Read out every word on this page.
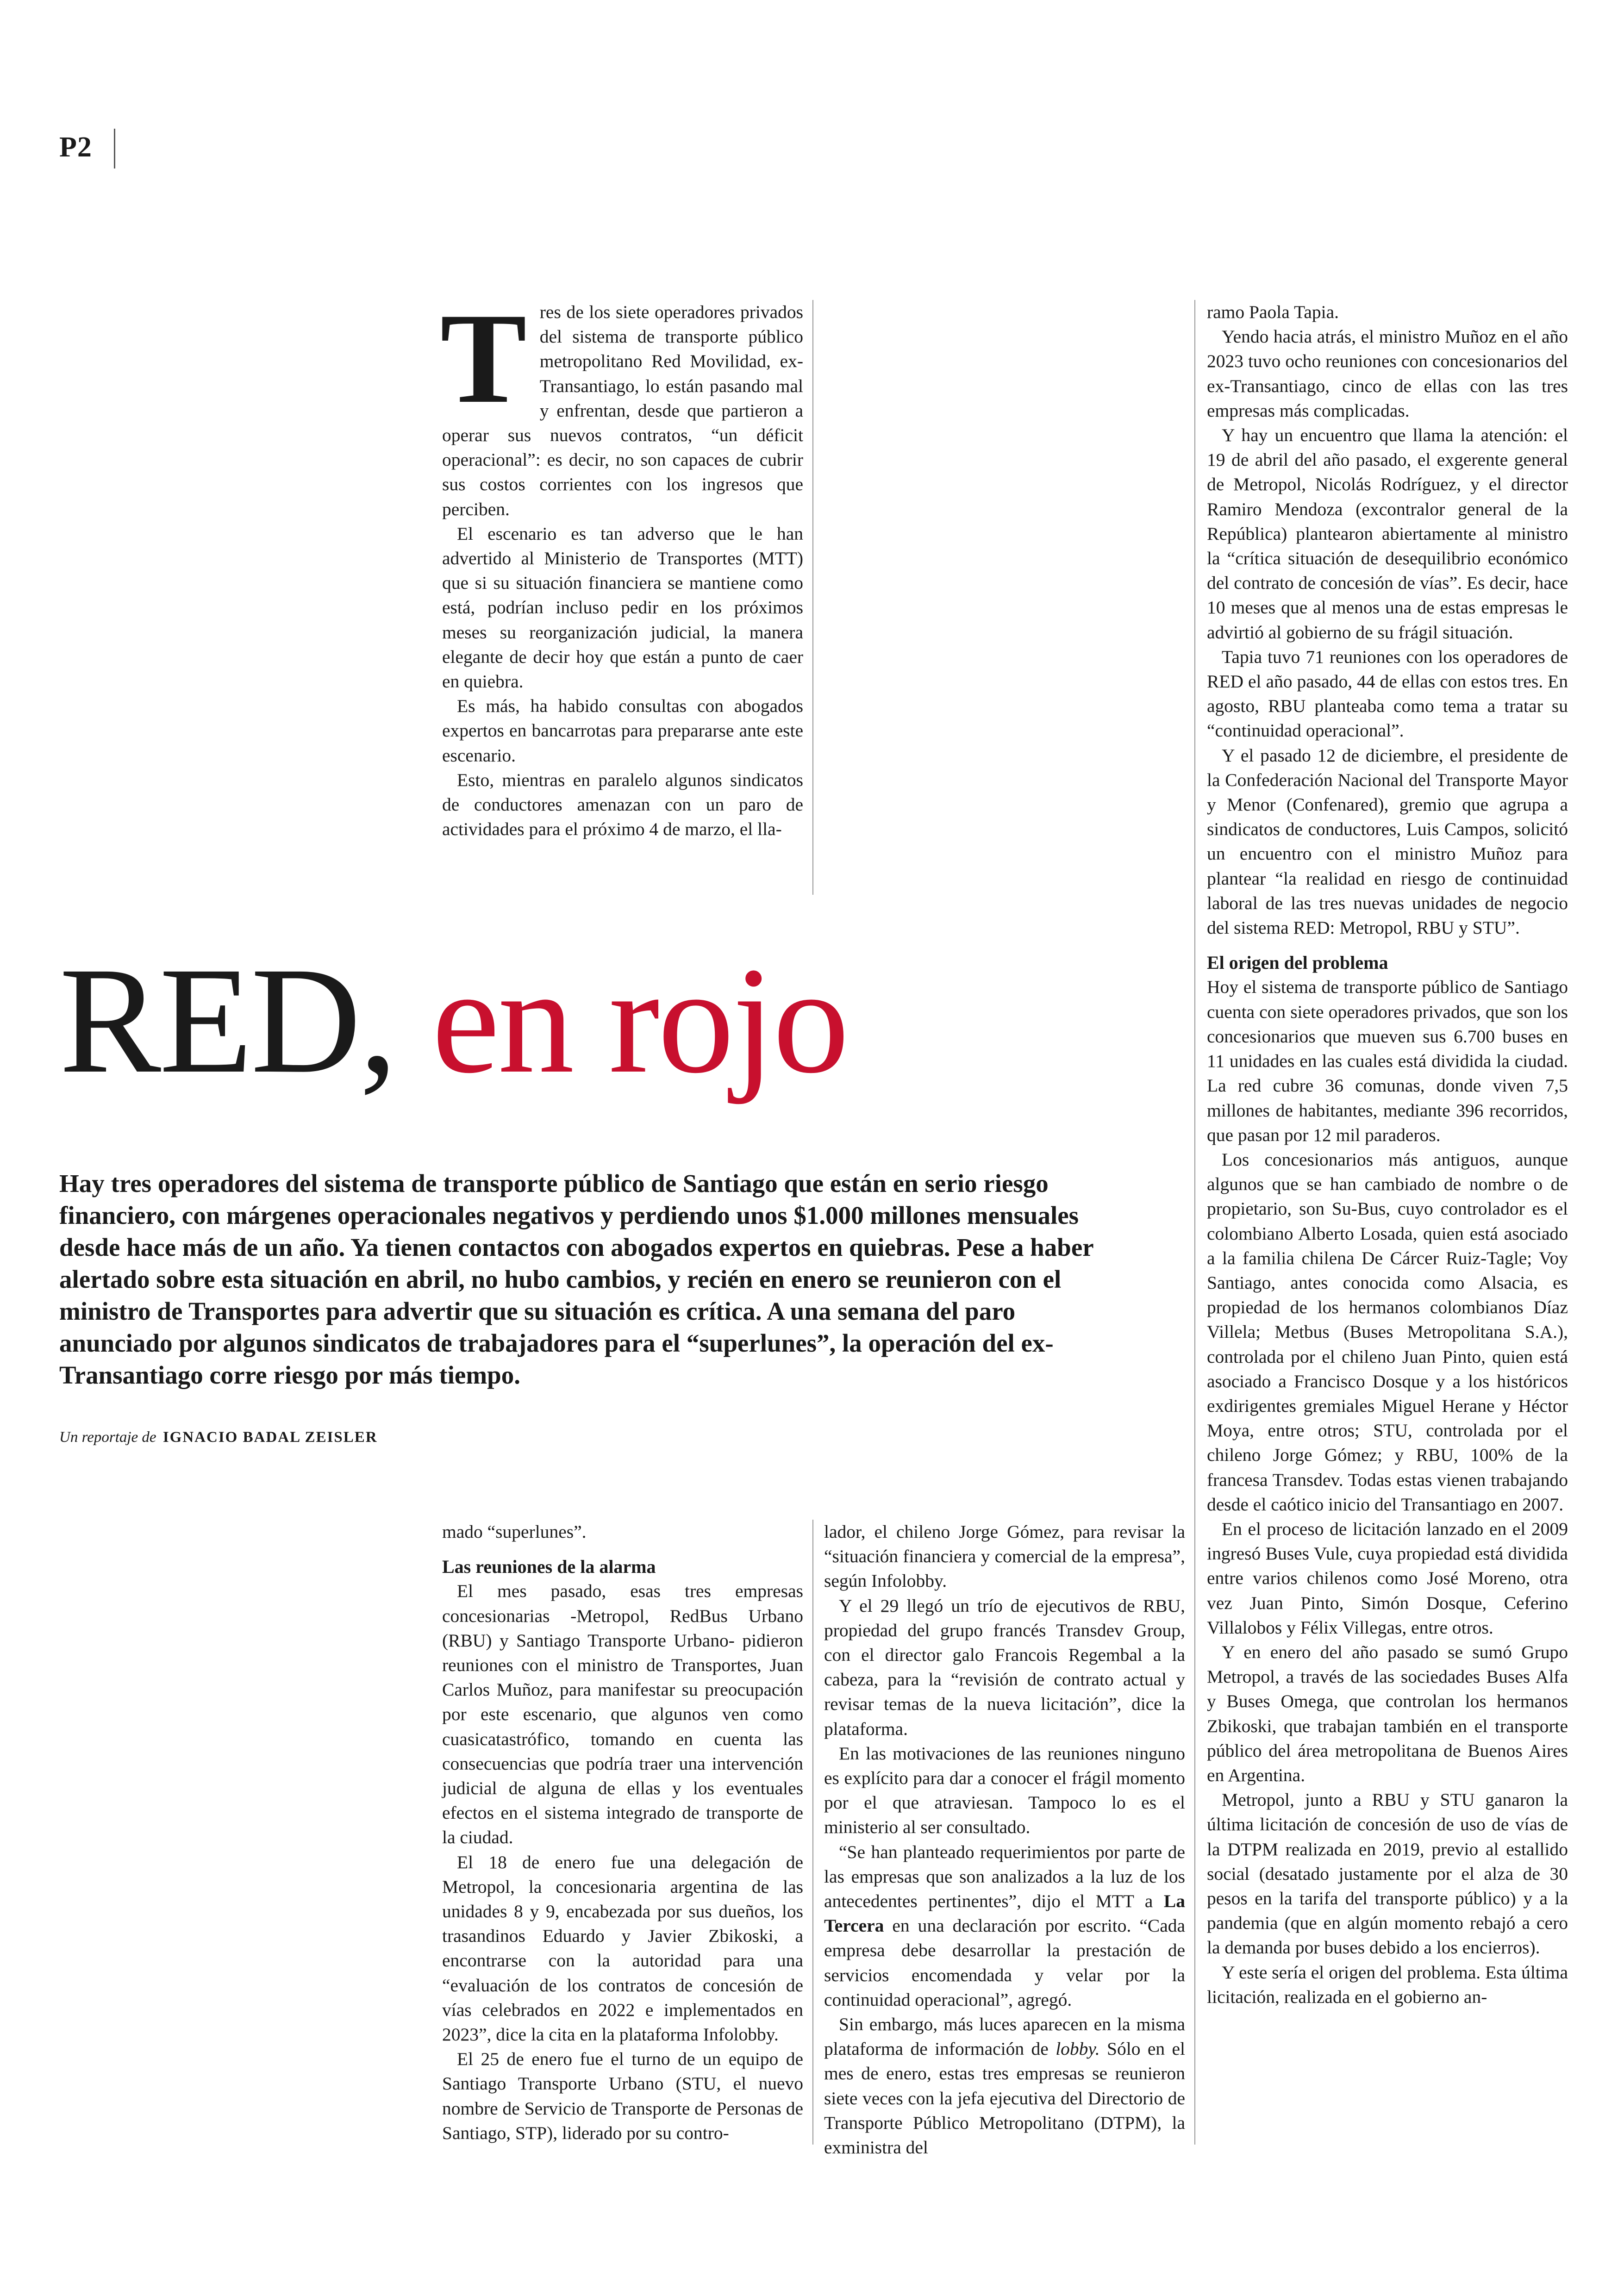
P2
T res de los siete operadores privados del sistema de transporte público metropolitano Red Movilidad, ex-Transantiago, lo están pasando mal y enfrentan, desde que partieron a operar sus nuevos contratos, “un déficit operacional”: es decir, no son capaces de cubrir sus costos corrientes con los ingresos que perciben.

El escenario es tan adverso que le han advertido al Ministerio de Transportes (MTT) que si su situación financiera se mantiene como está, podrían incluso pedir en los próximos meses su reorganización judicial, la manera elegante de decir hoy que están a punto de caer en quiebra.

Es más, ha habido consultas con abogados expertos en bancarrotas para prepararse ante este escenario.

Esto, mientras en paralelo algunos sindicatos de conductores amenazan con un paro de actividades para el próximo 4 de marzo, el lla-

RED, en rojo
Hay tres operadores del sistema de transporte público de Santiago que están en serio riesgo financiero, con márgenes operacionales negativos y perdiendo unos $1.000 millones mensuales desde hace más de un año. Ya tienen contactos con abogados expertos en quiebras. Pese a haber alertado sobre esta situación en abril, no hubo cambios, y recién en enero se reunieron con el ministro de Transportes para advertir que su situación es crítica. A una semana del paro anunciado por algunos sindicatos de trabajadores para el “superlunes”, la operación del ex-Transantiago corre riesgo por más tiempo.
Un reportaje de IGNACIO BADAL ZEISLER

mado “superlunes”.

Las reuniones de la alarma

El mes pasado, esas tres empresas concesionarias -Metropol, RedBus Urbano (RBU) y Santiago Transporte Urbano- pidieron reuniones con el ministro de Transportes, Juan Carlos Muñoz, para manifestar su preocupación por este escenario, que algunos ven como cuasicatastrófico, tomando en cuenta las consecuencias que podría traer una intervención judicial de alguna de ellas y los eventuales efectos en el sistema integrado de transporte de la ciudad.

El 18 de enero fue una delegación de Metropol, la concesionaria argentina de las unidades 8 y 9, encabezada por sus dueños, los trasandinos Eduardo y Javier Zbikoski, a encontrarse con la autoridad para una “evaluación de los contratos de concesión de vías celebrados en 2022 e implementados en 2023”, dice la cita en la plataforma Infolobby.

El 25 de enero fue el turno de un equipo de Santiago Transporte Urbano (STU, el nuevo nombre de Servicio de Transporte de Personas de Santiago, STP), liderado por su contro-

lador, el chileno Jorge Gómez, para revisar la “situación financiera y comercial de la empresa”, según Infolobby.

Y el 29 llegó un trío de ejecutivos de RBU, propiedad del grupo francés Transdev Group, con el director galo Francois Regembal a la cabeza, para la “revisión de contrato actual y revisar temas de la nueva licitación”, dice la plataforma.

En las motivaciones de las reuniones ninguno es explícito para dar a conocer el frágil momento por el que atraviesan. Tampoco lo es el ministerio al ser consultado.

“Se han planteado requerimientos por parte de las empresas que son analizados a la luz de los antecedentes pertinentes”, dijo el MTT a La Tercera en una declaración por escrito. “Cada empresa debe desarrollar la prestación de servicios encomendada y velar por la continuidad operacional”, agregó.

Sin embargo, más luces aparecen en la misma plataforma de información de lobby. Sólo en el mes de enero, estas tres empresas se reunieron siete veces con la jefa ejecutiva del Directorio de Transporte Público Metropolitano (DTPM), la exministra del

ramo Paola Tapia.

Yendo hacia atrás, el ministro Muñoz en el año 2023 tuvo ocho reuniones con concesionarios del ex-Transantiago, cinco de ellas con las tres empresas más complicadas.

Y hay un encuentro que llama la atención: el 19 de abril del año pasado, el exgerente general de Metropol, Nicolás Rodríguez, y el director Ramiro Mendoza (excontralor general de la República) plantearon abiertamente al ministro la “crítica situación de desequilibrio económico del contrato de concesión de vías”. Es decir, hace 10 meses que al menos una de estas empresas le advirtió al gobierno de su frágil situación.

Tapia tuvo 71 reuniones con los operadores de RED el año pasado, 44 de ellas con estos tres. En agosto, RBU planteaba como tema a tratar su “continuidad operacional”.

Y el pasado 12 de diciembre, el presidente de la Confederación Nacional del Transporte Mayor y Menor (Confenared), gremio que agrupa a sindicatos de conductores, Luis Campos, solicitó un encuentro con el ministro Muñoz para plantear “la realidad en riesgo de continuidad laboral de las tres nuevas unidades de negocio del sistema RED: Metropol, RBU y STU”.

El origen del problema

Hoy el sistema de transporte público de Santiago cuenta con siete operadores privados, que son los concesionarios que mueven sus 6.700 buses en 11 unidades en las cuales está dividida la ciudad. La red cubre 36 comunas, donde viven 7,5 millones de habitantes, mediante 396 recorridos, que pasan por 12 mil paraderos.

Los concesionarios más antiguos, aunque algunos que se han cambiado de nombre o de propietario, son Su-Bus, cuyo controlador es el colombiano Alberto Losada, quien está asociado a la familia chilena De Cárcer Ruiz-Tagle; Voy Santiago, antes conocida como Alsacia, es propiedad de los hermanos colombianos Díaz Villela; Metbus (Buses Metropolitana S.A.), controlada por el chileno Juan Pinto, quien está asociado a Francisco Dosque y a los históricos exdirigentes gremiales Miguel Herane y Héctor Moya, entre otros; STU, controlada por el chileno Jorge Gómez; y RBU, 100% de la francesa Transdev. Todas estas vienen trabajando desde el caótico inicio del Transantiago en 2007.

En el proceso de licitación lanzado en el 2009 ingresó Buses Vule, cuya propiedad está dividida entre varios chilenos como José Moreno, otra vez Juan Pinto, Simón Dosque, Ceferino Villalobos y Félix Villegas, entre otros.

Y en enero del año pasado se sumó Grupo Metropol, a través de las sociedades Buses Alfa y Buses Omega, que controlan los hermanos Zbikoski, que trabajan también en el transporte público del área metropolitana de Buenos Aires en Argentina.

Metropol, junto a RBU y STU ganaron la última licitación de concesión de uso de vías de la DTPM realizada en 2019, previo al estallido social (desatado justamente por el alza de 30 pesos en la tarifa del transporte público) y a la pandemia (que en algún momento rebajó a cero la demanda por buses debido a los encierros).

Y este sería el origen del problema. Esta última licitación, realizada en el gobierno an-
